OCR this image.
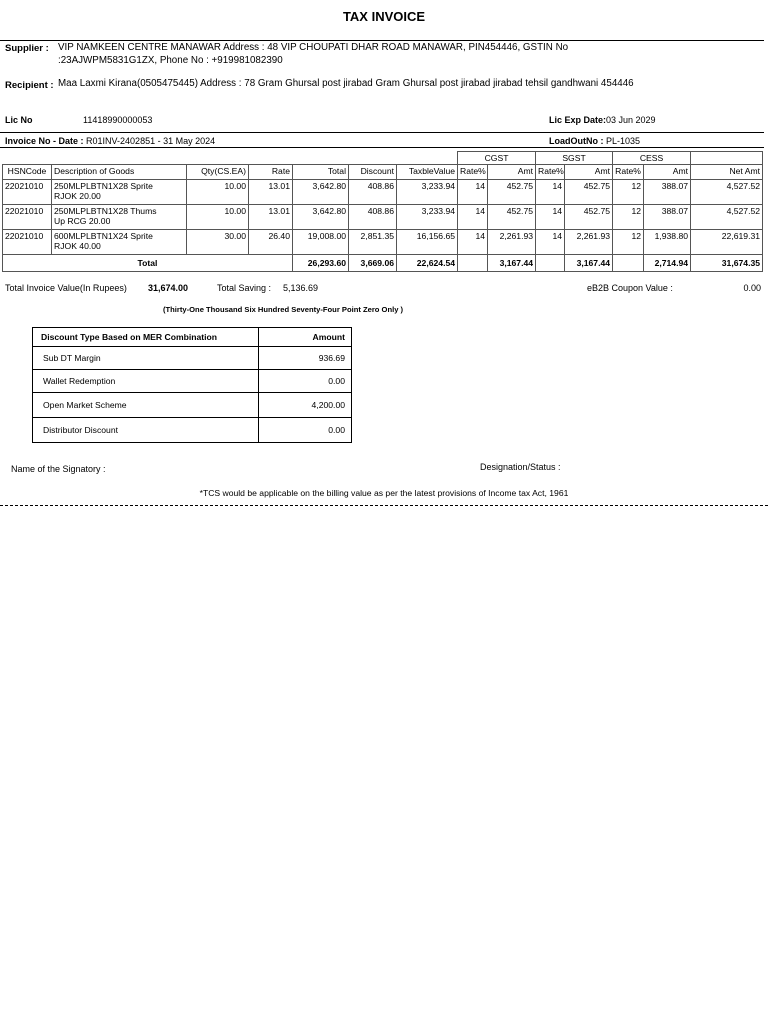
TAX INVOICE
Supplier : VIP NAMKEEN CENTRE MANAWAR Address : 48 VIP CHOUPATI DHAR ROAD MANAWAR, PIN454446, GSTIN No
:23AJWPM5831G1ZX, Phone No : +919981082390
Recipient : Maa Laxmi Kirana(0505475445) Address : 78 Gram Ghursal post jirabad Gram Ghursal post jirabad jirabad tehsil gandhwani 454446
Lic No	11418990000053	Lic Exp Date:03 Jun 2029
Invoice No - Date : R01INV-2402851 - 31 May 2024	LoadOutNo : PL-1035
							CGST		SGST		CESS		
HSNCode	Description of Goods	Qty(CS.EA)	Rate	Total	Discount	TaxbleValue	Rate%	Amt	Rate%	Amt	Rate%	Amt	Net Amt
22021010	250MLPLBTN1X28 Sprite
RJOK 20.00	10.00	13.01	3,642.80	408.86	3,233.94	14	452.75	14	452.75	12	388.07	4,527.52
22021010	250MLPLBTN1X28 Thums
Up RCG 20.00	10.00	13.01	3,642.80	408.86	3,233.94	14	452.75	14	452.75	12	388.07	4,527.52
22021010	600MLPLBTN1X24 Sprite
RJOK 40.00	30.00	26.40	19,008.00	2,851.35	16,156.65	14	2,261.93	14	2,261.93	12	1,938.80	22,619.31
Total				26,293.60	3,669.06	22,624.54		3,167.44		3,167.44		2,714.94	31,674.35
Total Invoice Value(In Rupees) 31,674.00	Total Saving : 5,136.69	eB2B Coupon Value :	0.00
(Thirty-One Thousand Six Hundred Seventy-Four Point Zero Only )
Discount Type Based on MER Combination	Amount
Sub DT Margin	936.69
Wallet Redemption	0.00
Open Market Scheme	4,200.00
Distributor Discount	0.00
Name of the Signatory :	Designation/Status :
*TCS would be applicable on the billing value as per the latest provisions of Income tax Act, 1961
